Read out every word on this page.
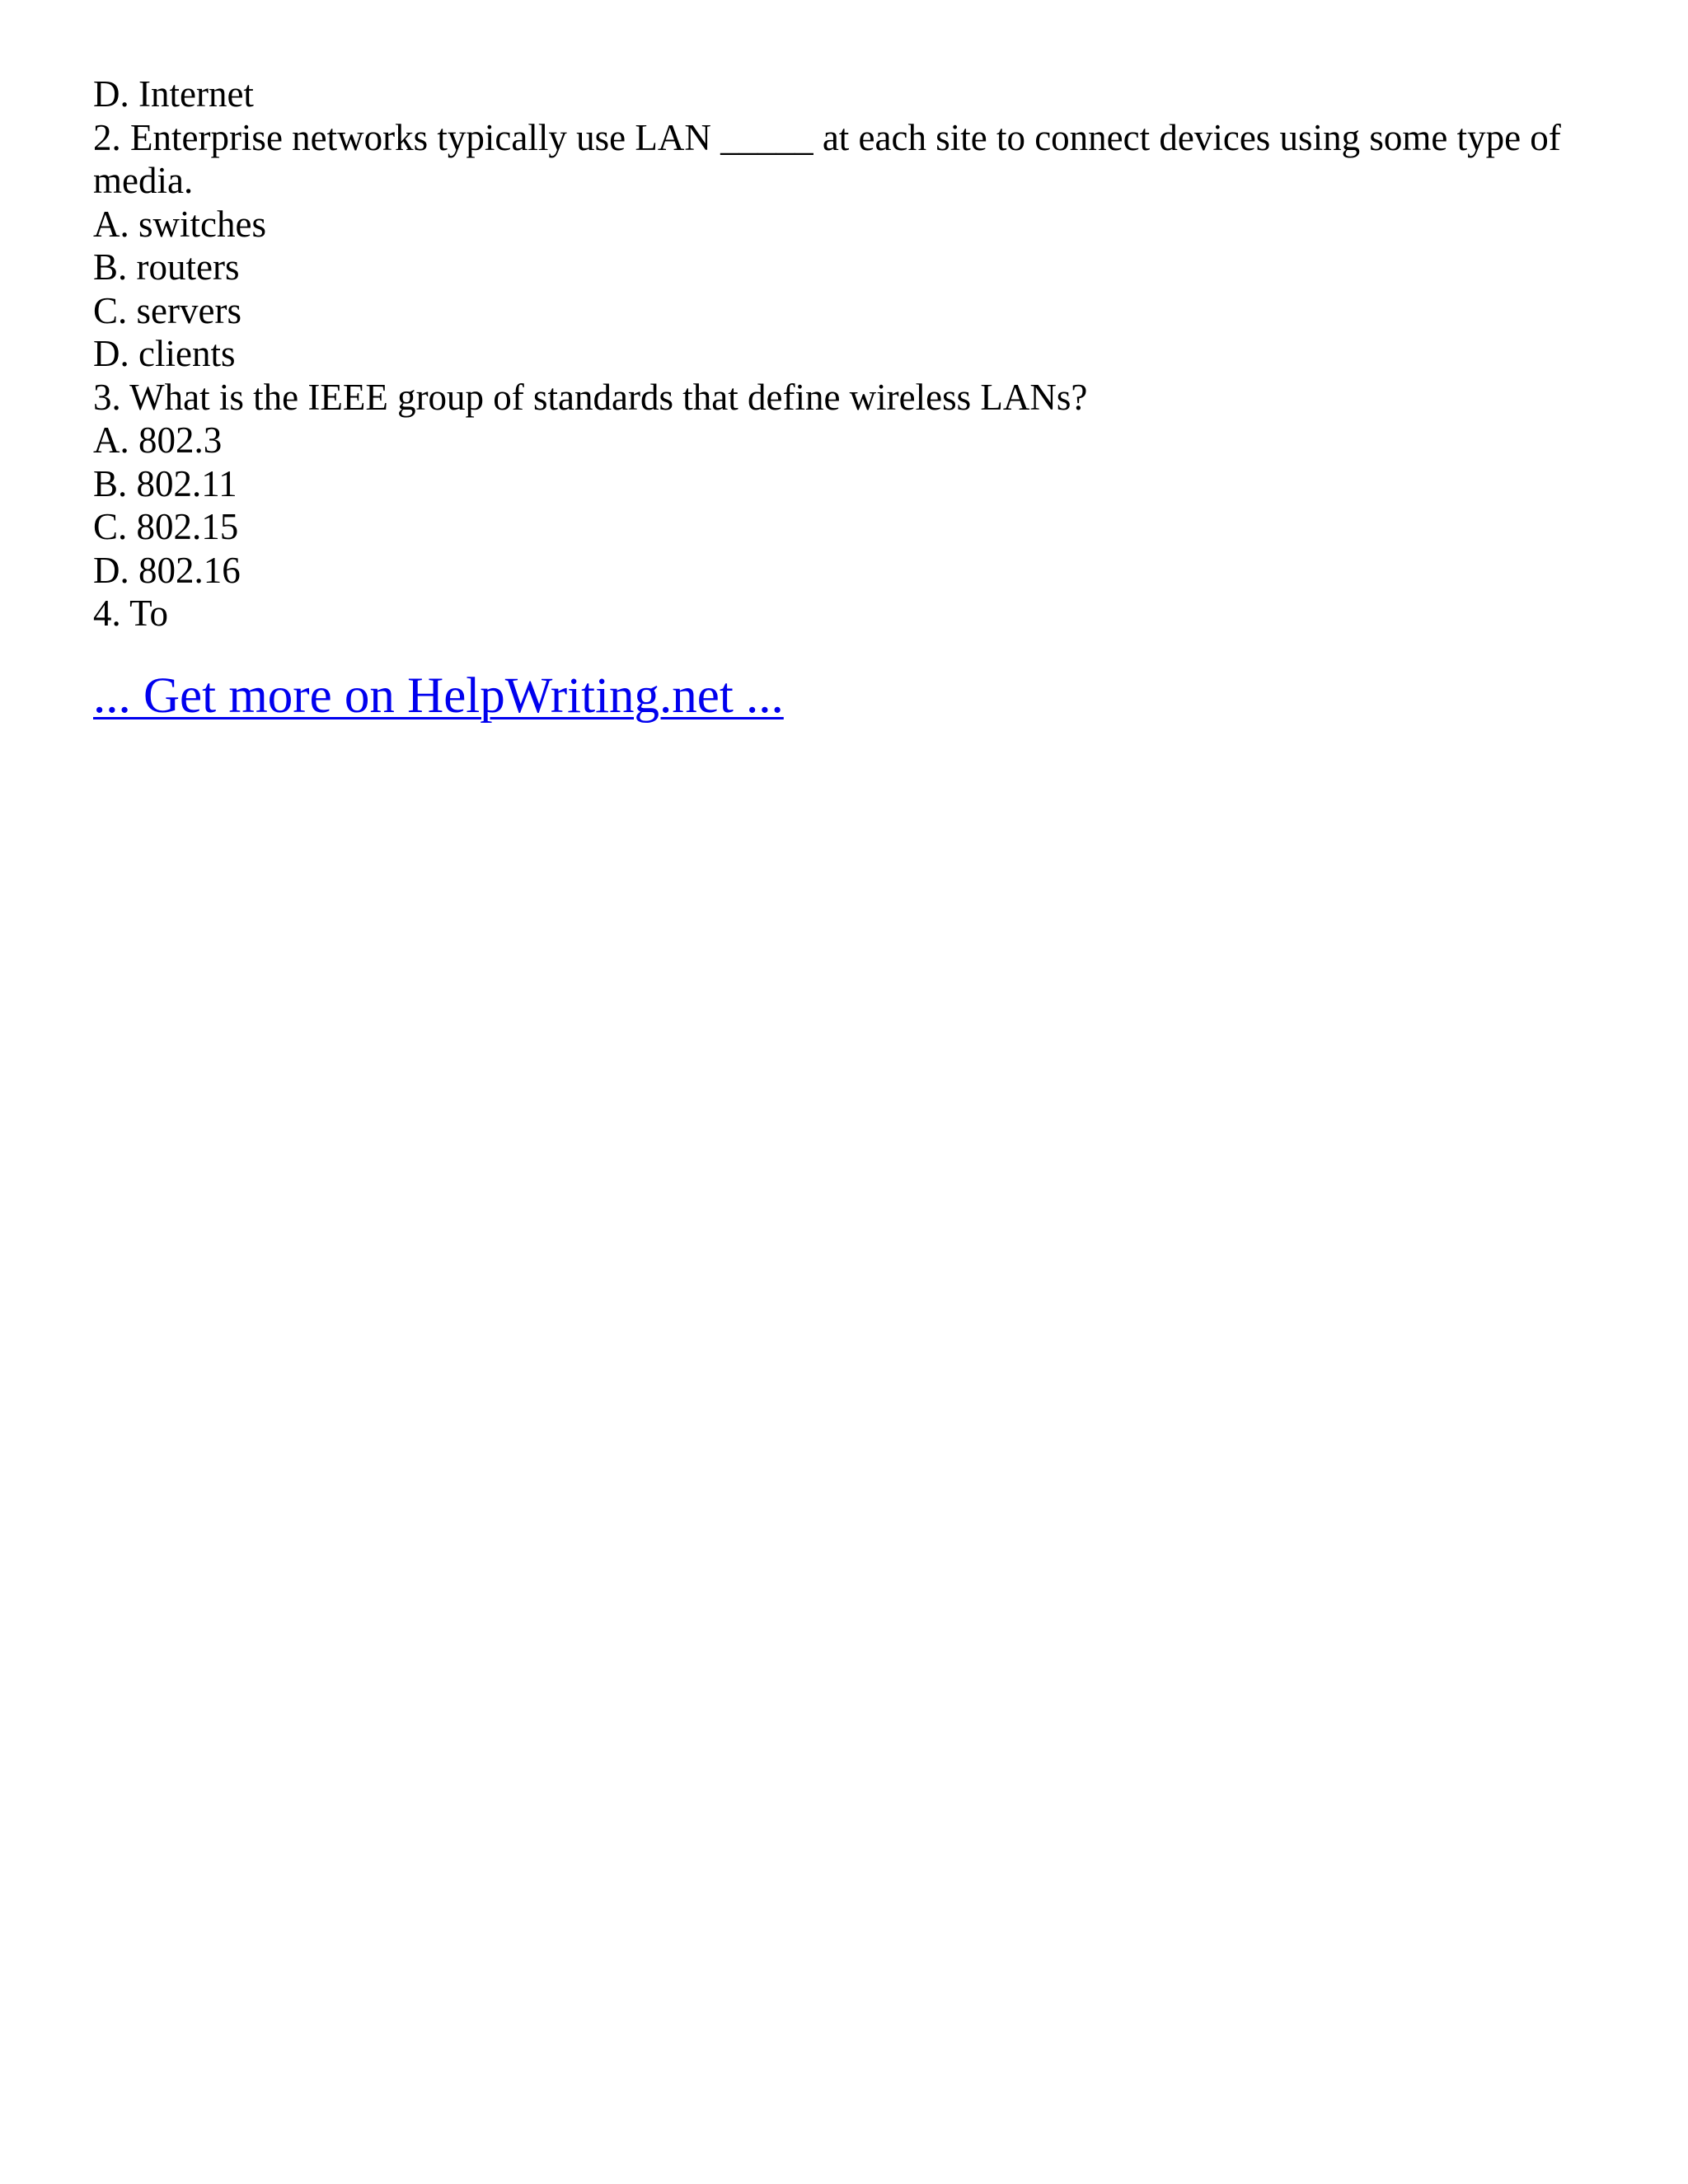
D. Internet

2. Enterprise networks typically use LAN _____ at each site to connect devices using some type of media.

A. switches

B. routers

C. servers

D. clients

3. What is the IEEE group of standards that define wireless LANs?

A. 802.3

B. 802.11

C. 802.15

D. 802.16

4. To

... Get more on HelpWriting.net ...
